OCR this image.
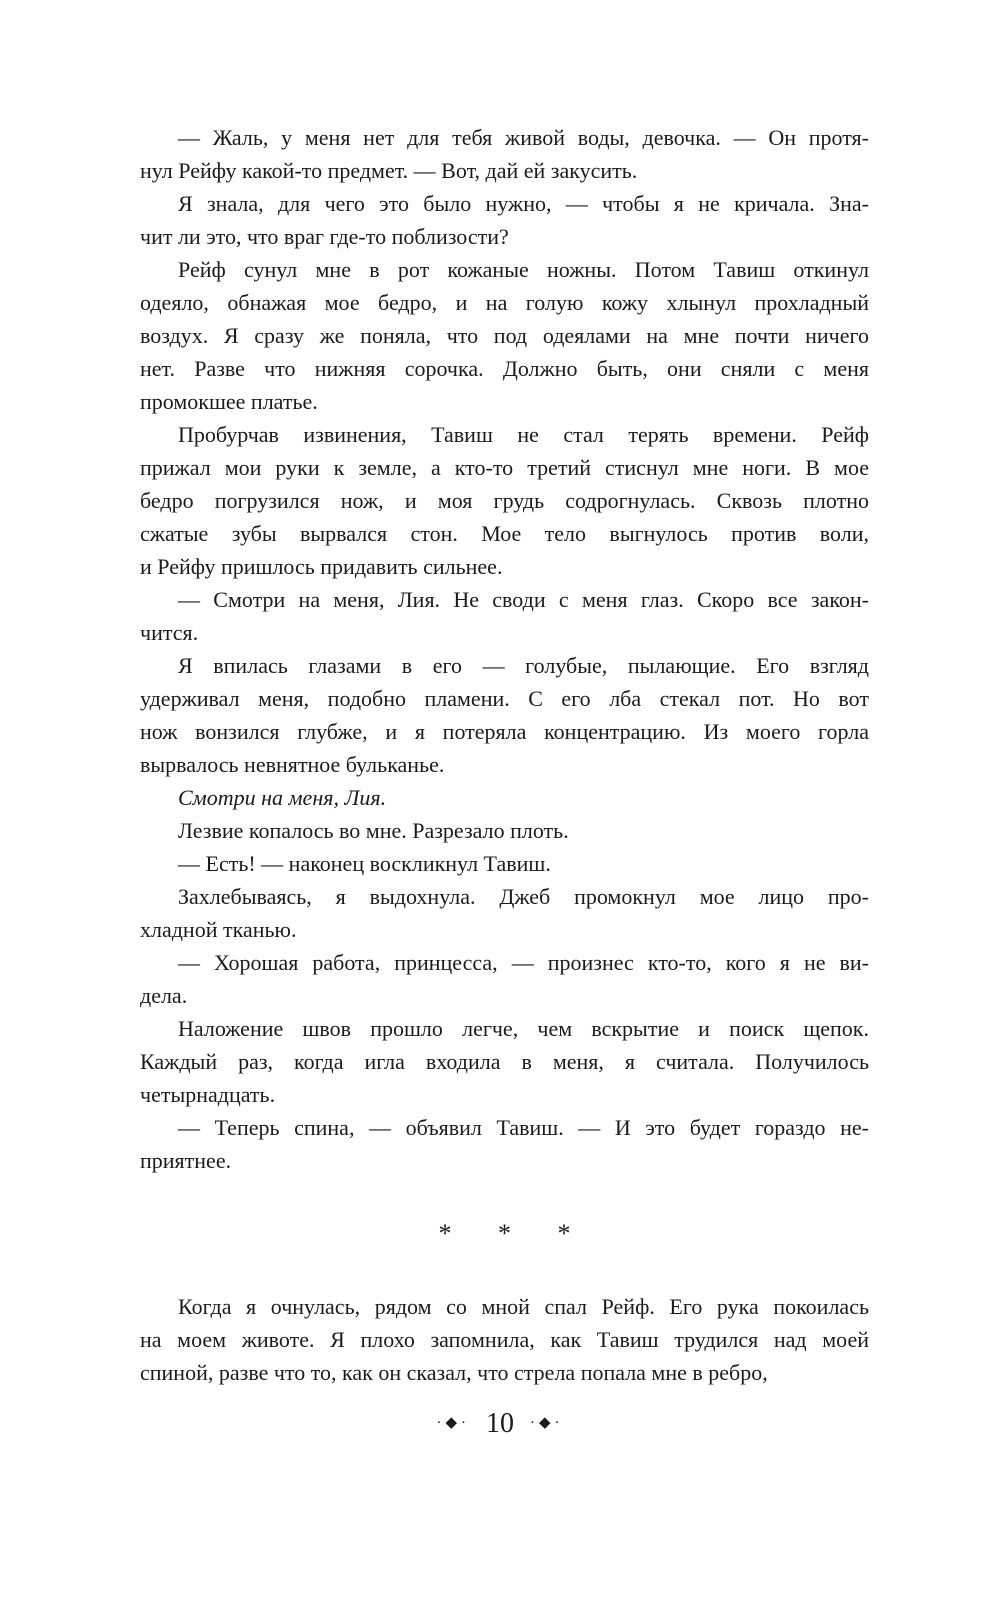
— Жаль, у меня нет для тебя живой воды, девочка. — Он протя-
нул Рейфу какой-то предмет. — Вот, дай ей закусить.
Я знала, для чего это было нужно, — чтобы я не кричала. Зна-
чит ли это, что враг где-то поблизости?
Рейф сунул мне в рот кожаные ножны. Потом Тавиш откинул
одеяло, обнажая мое бедро, и на голую кожу хлынул прохладный
воздух. Я сразу же поняла, что под одеялами на мне почти ничего
нет. Разве что нижняя сорочка. Должно быть, они сняли с меня
промокшее платье.
Пробурчав извинения, Тавиш не стал терять времени. Рейф
прижал мои руки к земле, а кто-то третий стиснул мне ноги. В мое
бедро погрузился нож, и моя грудь содрогнулась. Сквозь плотно
сжатые зубы вырвался стон. Мое тело выгнулось против воли,
и Рейфу пришлось придавить сильнее.
— Смотри на меня, Лия. Не своди с меня глаз. Скоро все закон-
чится.
Я впилась глазами в его — голубые, пылающие. Его взгляд
удерживал меня, подобно пламени. С его лба стекал пот. Но вот
нож вонзился глубже, и я потеряла концентрацию. Из моего горла
вырвалось невнятное бульканье.
Смотри на меня, Лия.
Лезвие копалось во мне. Разрезало плоть.
— Есть! — наконец воскликнул Тавиш.
Захлебываясь, я выдохнула. Джеб промокнул мое лицо про-
хладной тканью.
— Хорошая работа, принцесса, — произнес кто-то, кого я не ви-
дела.
Наложение швов прошло легче, чем вскрытие и поиск щепок.
Каждый раз, когда игла входила в меня, я считала. Получилось
четырнадцать.
— Теперь спина, — объявил Тавиш. — И это будет гораздо не-
приятнее.
* * *
Когда я очнулась, рядом со мной спал Рейф. Его рука покоилась
на моем животе. Я плохо запомнила, как Тавиш трудился над моей
спиной, разве что то, как он сказал, что стрела попала мне в ребро,
·◆· 10 ·◆·
